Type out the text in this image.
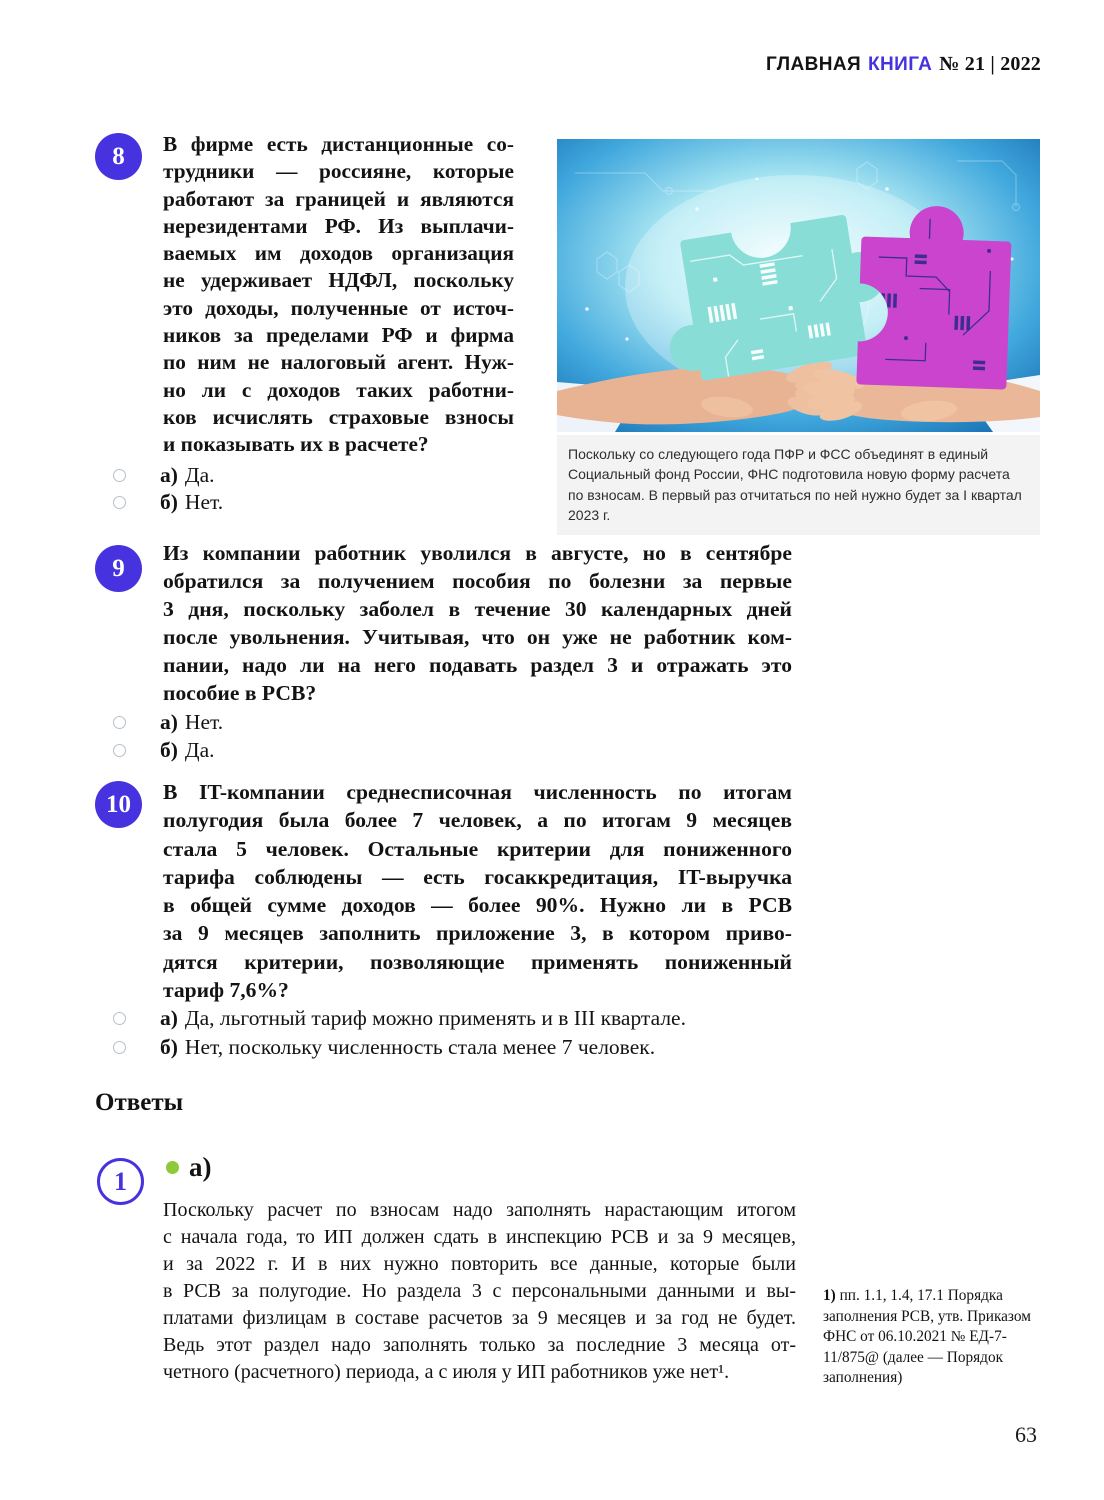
ГЛАВНАЯ КНИГА № 21 | 2022
8	В фирме есть дистанционные со-
трудники — россияне, которые
работают за границей и являются
нерезидентами РФ. Из выплачи-
ваемых им доходов организация
не удерживает НДФЛ, поскольку
это доходы, полученные от источ-
ников за пределами РФ и фирма
по ним не налоговый агент. Нуж-
но ли с доходов таких работни-
ков исчислять страховые взносы
и показывать их в расчете?
а) Да.
б) Нет.
Поскольку со следующего года ПФР и ФСС объединят в единый Социальный фонд России, ФНС подготовила новую форму расчета по взносам. В первый раз отчитаться по ней нужно будет за I квартал 2023 г.
9
Из компании работник уволился в августе, но в сентябре
обратился за получением пособия по болезни за первые
3 дня, поскольку заболел в течение 30 календарных дней
после увольнения. Учитывая, что он уже не работник ком-
пании, надо ли на него подавать раздел 3 и отражать это
пособие в РСВ?
а) Нет.
б) Да.
10	В IT-компании среднесписочная численность по итогам
полугодия была более 7 человек, а по итогам 9 месяцев
стала 5 человек. Остальные критерии для пониженного
тарифа соблюдены — есть госаккредитация, IT-выручка
в общей сумме доходов — более 90%. Нужно ли в РСВ
за 9 месяцев заполнить приложение 3, в котором приво-
дятся критерии, позволяющие применять пониженный
тариф 7,6%?
а) Да, льготный тариф можно применять и в III квартале.
б) Нет, поскольку численность стала менее 7 человек.
Ответы
1	а)
Поскольку расчет по взносам надо заполнять нарастающим итогом
с начала года, то ИП должен сдать в инспекцию РСВ и за 9 месяцев,
и за 2022 г. И в них нужно повторить все данные, которые были
в РСВ за полугодие. Но раздела 3 с персональными данными и вы-
платами физлицам в составе расчетов за 9 месяцев и за год не будет.
Ведь этот раздел надо заполнять только за последние 3 месяца от-
четного (расчетного) периода, а с июля у ИП работников уже нет¹.
1) пп. 1.1, 1.4, 17.1 Порядка заполнения РСВ, утв. Приказом ФНС от 06.10.2021 № ЕД-7-11/875@ (далее — Порядок заполнения)
63
